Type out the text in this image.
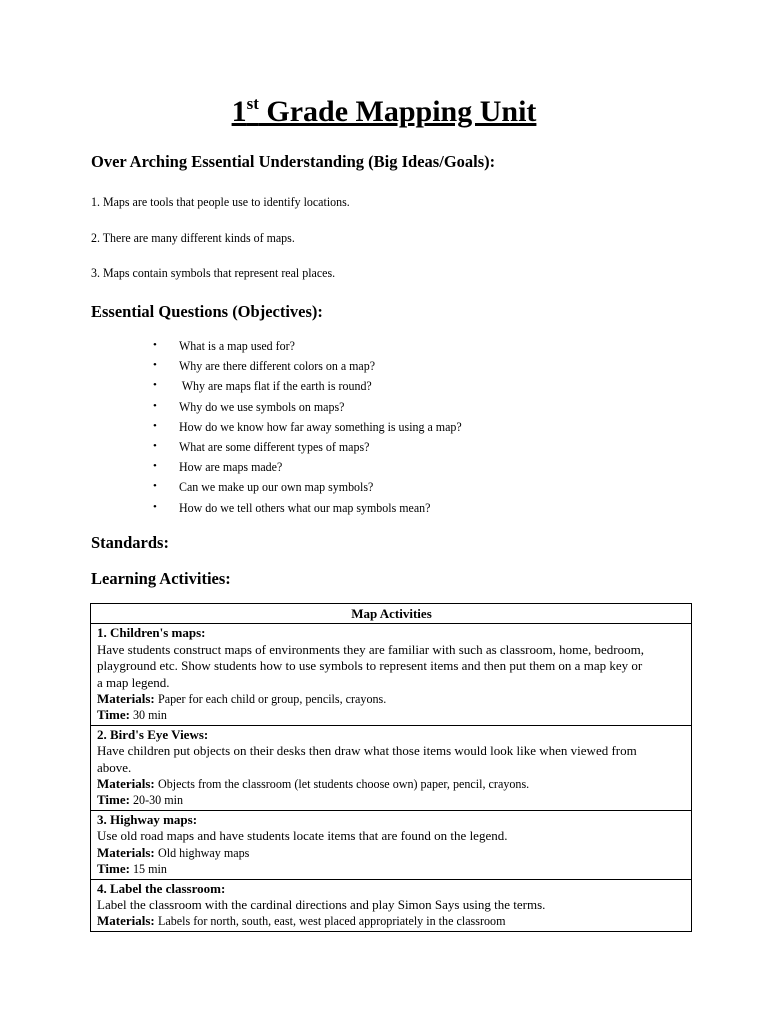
1st Grade Mapping Unit
Over Arching Essential Understanding (Big Ideas/Goals):
1. Maps are tools that people use to identify locations.
2. There are many different kinds of maps.
3. Maps contain symbols that represent real places.
Essential Questions (Objectives):
• What is a map used for?
• Why are there different colors on a map?
• Why are maps flat if the earth is round?
• Why do we use symbols on maps?
• How do we know how far away something is using a map?
• What are some different types of maps?
• How are maps made?
• Can we make up our own map symbols?
• How do we tell others what our map symbols mean?
Standards:
Learning Activities:
Map Activities

1. Children's maps:
Have students construct maps of environments they are familiar with such as classroom, home, bedroom,
playground etc. Show students how to use symbols to represent items and then put them on a map key or
a map legend.
Materials: Paper for each child or group, pencils, crayons.
Time: 30 min

2. Bird's Eye Views:
Have children put objects on their desks then draw what those items would look like when viewed from
above.
Materials: Objects from the classroom (let students choose own) paper, pencil, crayons.
Time: 20-30 min

3. Highway maps:
Use old road maps and have students locate items that are found on the legend.
Materials: Old highway maps
Time: 15 min

4. Label the classroom:
Label the classroom with the cardinal directions and play Simon Says using the terms.
Materials: Labels for north, south, east, west placed appropriately in the classroom
